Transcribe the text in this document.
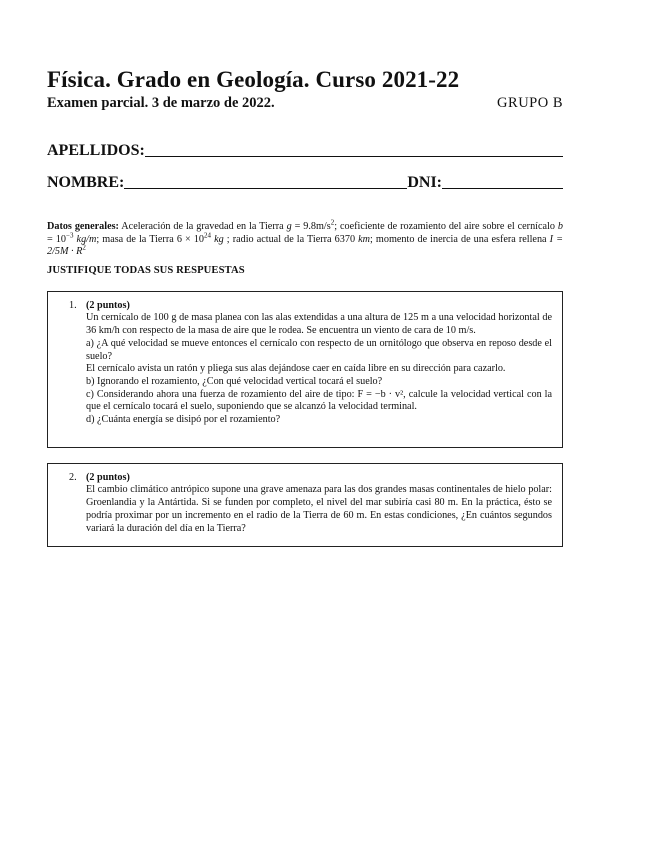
Física. Grado en Geología. Curso 2021-22
Examen parcial. 3 de marzo de 2022.	GRUPO B
APELLIDOS:
NOMBRE:	DNI:
Datos generales: Aceleración de la gravedad en la Tierra $g = 9.8m/s^2$; coeficiente de rozamiento del aire sobre el cernícalo $b = 10^{-3}$ kg/m; masa de la Tierra $6 \times 10^{24}$ kg ; radio actual de la Tierra 6370 km; momento de inercia de una esfera rellena $I = 2/5M \cdot R^2$
JUSTIFIQUE TODAS SUS RESPUESTAS
1. (2 puntos)
Un cernícalo de 100 g de masa planea con las alas extendidas a una altura de 125 m a una velocidad horizontal de 36 km/h con respecto de la masa de aire que le rodea. Se encuentra un viento de cara de 10 m/s.
a) ¿A qué velocidad se mueve entonces el cernícalo con respecto de un ornitólogo que observa en reposo desde el suelo?
El cernícalo avista un ratón y pliega sus alas dejándose caer en caída libre en su dirección para cazarlo.
b) Ignorando el rozamiento, ¿Con qué velocidad vertical tocará el suelo?
c) Considerando ahora una fuerza de rozamiento del aire de tipo: F = −b · v², calcule la velocidad vertical con la que el cernícalo tocará el suelo, suponiendo que se alcanzó la velocidad terminal.
d) ¿Cuánta energía se disipó por el rozamiento?
2. (2 puntos)
El cambio climático antrópico supone una grave amenaza para las dos grandes masas continentales de hielo polar: Groenlandia y la Antártida. Si se funden por completo, el nivel del mar subiría casi 80 m. En la práctica, ésto se podría proximar por un incremento en el radio de la Tierra de 60 m. En estas condiciones, ¿En cuántos segundos variará la duración del día en la Tierra?
